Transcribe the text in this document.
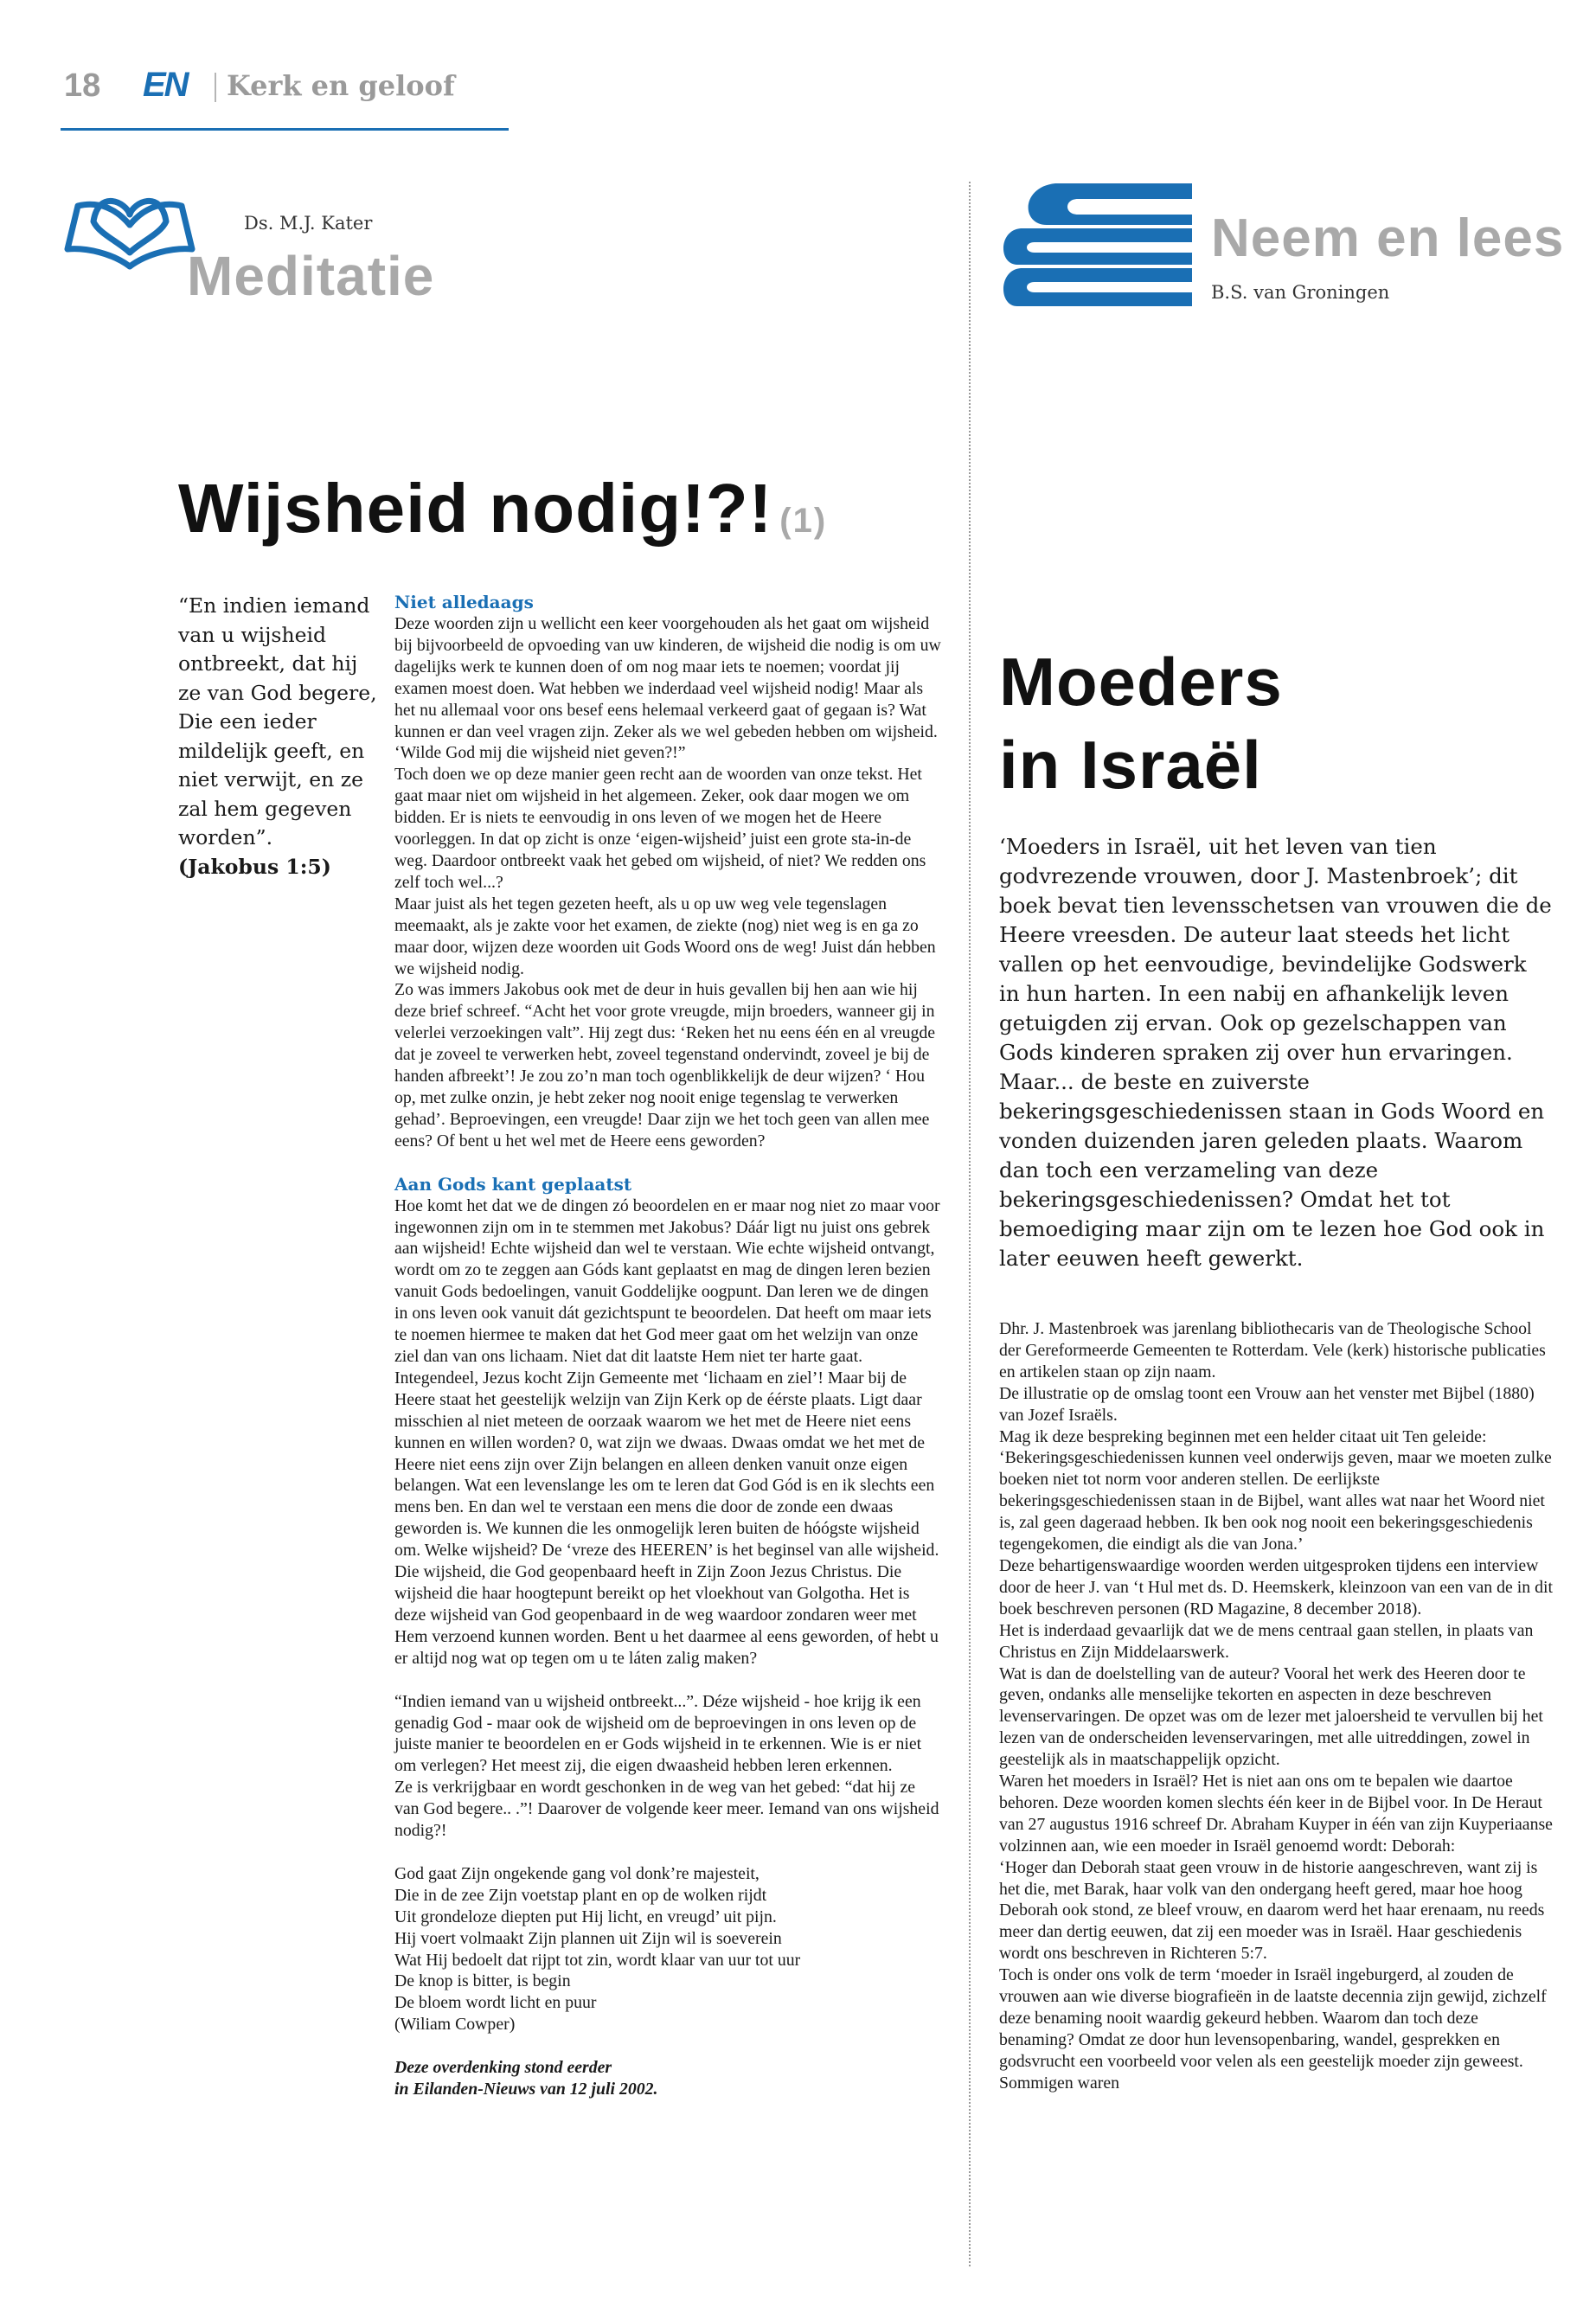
18 EN Kerk en geloof
Ds. M.J. Kater
Meditatie
Wijsheid nodig!?! (1)
“En indien iemand van u wijsheid ontbreekt, dat hij ze van God begere, Die een ieder mildelijk geeft, en niet verwijt, en ze zal hem gegeven worden”.
(Jakobus 1:5)

Niet alledaags

Deze woorden zijn u wellicht een keer voorgehouden als het gaat om wijsheid bij bijvoorbeeld de opvoeding van uw kinderen, de wijsheid die nodig is om uw dagelijks werk te kunnen doen of om nog maar iets te noemen; voordat jij examen moest doen. Wat hebben we inderdaad veel wijsheid nodig! Maar als het nu allemaal voor ons besef eens helemaal verkeerd gaat of gegaan is? Wat kunnen er dan veel vragen zijn. Zeker als we wel gebeden hebben om wijsheid. ‘Wilde God mij die wijsheid niet geven?!”

Toch doen we op deze manier geen recht aan de woorden van onze tekst. Het gaat maar niet om wijsheid in het algemeen. Zeker, ook daar mogen we om bidden. Er is niets te eenvoudig in ons leven of we mogen het de Heere voorleggen. In dat op zicht is onze ‘eigen-wijsheid’ juist een grote sta-in-de weg. Daardoor ontbreekt vaak het gebed om wijsheid, of niet? We redden ons zelf toch wel...?

Maar juist als het tegen gezeten heeft, als u op uw weg vele tegenslagen meemaakt, als je zakte voor het examen, de ziekte (nog) niet weg is en ga zo maar door, wijzen deze woorden uit Gods Woord ons de weg! Juist dán hebben we wijsheid nodig.

Zo was immers Jakobus ook met de deur in huis gevallen bij hen aan wie hij deze brief schreef. “Acht het voor grote vreugde, mijn broeders, wanneer gij in velerlei verzoekingen valt”. Hij zegt dus: ‘Reken het nu eens één en al vreugde dat je zoveel te verwerken hebt, zoveel tegenstand ondervindt, zoveel je bij de handen afbreekt’! Je zou zo’n man toch ogenblikkelijk de deur wijzen? ‘ Hou op, met zulke onzin, je hebt zeker nog nooit enige tegenslag te verwerken gehad’. Beproevingen, een vreugde! Daar zijn we het toch geen van allen mee eens? Of bent u het wel met de Heere eens geworden?

Aan Gods kant geplaatst

Hoe komt het dat we de dingen zó beoordelen en er maar nog niet zo maar voor ingewonnen zijn om in te stemmen met Jakobus? Dáár ligt nu juist ons gebrek aan wijsheid! Echte wijsheid dan wel te verstaan. Wie echte wijsheid ontvangt, wordt om zo te zeggen aan Góds kant geplaatst en mag de dingen leren bezien vanuit Gods bedoelingen, vanuit Goddelijke oogpunt. Dan leren we de dingen in ons leven ook vanuit dát gezichtspunt te beoordelen. Dat heeft om maar iets te noemen hiermee te maken dat het God meer gaat om het welzijn van onze ziel dan van ons lichaam. Niet dat dit laatste Hem niet ter harte gaat. Integendeel, Jezus kocht Zijn Gemeente met ‘lichaam en ziel’! Maar bij de Heere staat het geestelijk welzijn van Zijn Kerk op de éérste plaats. Ligt daar misschien al niet meteen de oorzaak waarom we het met de Heere niet eens kunnen en willen worden? 0, wat zijn we dwaas. Dwaas omdat we het met de Heere niet eens zijn over Zijn belangen en alleen denken vanuit onze eigen belangen. Wat een levenslange les om te leren dat God Gód is en ik slechts een mens ben. En dan wel te verstaan een mens die door de zonde een dwaas geworden is. We kunnen die les onmogelijk leren buiten de hóógste wijsheid om. Welke wijsheid? De ‘vreze des HEEREN’ is het beginsel van alle wijsheid. Die wijsheid, die God geopenbaard heeft in Zijn Zoon Jezus Christus. Die wijsheid die haar hoogtepunt bereikt op het vloekhout van Golgotha. Het is deze wijsheid van God geopenbaard in de weg waardoor zondaren weer met Hem verzoend kunnen worden. Bent u het daarmee al eens geworden, of hebt u er altijd nog wat op tegen om u te láten zalig maken?

“Indien iemand van u wijsheid ontbreekt...”. Déze wijsheid - hoe krijg ik een genadig God - maar ook de wijsheid om de beproevingen in ons leven op de juiste manier te beoordelen en er Gods wijsheid in te erkennen. Wie is er niet om verlegen? Het meest zij, die eigen dwaasheid hebben leren erkennen.

Ze is verkrijgbaar en wordt geschonken in de weg van het gebed: “dat hij ze van God begere.. .”! Daarover de volgende keer meer. Iemand van ons wijsheid nodig?!

God gaat Zijn ongekende gang vol donk’re majesteit,
Die in de zee Zijn voetstap plant en op de wolken rijdt
Uit grondeloze diepten put Hij licht, en vreugd’ uit pijn.
Hij voert volmaakt Zijn plannen uit Zijn wil is soeverein
Wat Hij bedoelt dat rijpt tot zin, wordt klaar van uur tot uur
De knop is bitter, is begin
De bloem wordt licht en puur
(Wiliam Cowper)

Deze overdenking stond eerder
in Eilanden-Nieuws van 12 juli 2002.

Neem en lees
B.S. van Groningen
Moeders
in Israël
‘Moeders in Israël, uit het leven van tien godvrezende vrouwen, door J. Mastenbroek’; dit boek bevat tien levensschetsen van vrouwen die de Heere vreesden. De auteur laat steeds het licht vallen op het eenvoudige, bevindelijke Godswerk in hun harten. In een nabij en afhankelijk leven getuigden zij ervan. Ook op gezelschappen van Gods kinderen spraken zij over hun ervaringen. Maar... de beste en zuiverste bekeringsgeschiedenissen staan in Gods Woord en vonden duizenden jaren geleden plaats. Waarom dan toch een verzameling van deze bekeringsgeschiedenissen? Omdat het tot bemoediging maar zijn om te lezen hoe God ook in later eeuwen heeft gewerkt.

Dhr. J. Mastenbroek was jarenlang bibliothecaris van de Theologische School der Gereformeerde Gemeenten te Rotterdam. Vele (kerk) historische publicaties en artikelen staan op zijn naam.

De illustratie op de omslag toont een Vrouw aan het venster met Bijbel (1880) van Jozef Israëls.

Mag ik deze bespreking beginnen met een helder citaat uit Ten geleide:

‘Bekeringsgeschiedenissen kunnen veel onderwijs geven, maar we moeten zulke boeken niet tot norm voor anderen stellen. De eerlijkste bekeringsgeschiedenissen staan in de Bijbel, want alles wat naar het Woord niet is, zal geen dageraad hebben. Ik ben ook nog nooit een bekeringsgeschiedenis tegengekomen, die eindigt als die van Jona.’

Deze behartigenswaardige woorden werden uitgesproken tijdens een interview door de heer J. van ‘t Hul met ds. D. Heemskerk, kleinzoon van een van de in dit boek beschreven personen (RD Magazine, 8 december 2018).

Het is inderdaad gevaarlijk dat we de mens centraal gaan stellen, in plaats van Christus en Zijn Middelaarswerk.

Wat is dan de doelstelling van de auteur? Vooral het werk des Heeren door te geven, ondanks alle menselijke tekorten en aspecten in deze beschreven levenservaringen. De opzet was om de lezer met jaloersheid te vervullen bij het lezen van de onderscheiden levenservaringen, met alle uitreddingen, zowel in geestelijk als in maatschappelijk opzicht.

Waren het moeders in Israël? Het is niet aan ons om te bepalen wie daartoe behoren. Deze woorden komen slechts één keer in de Bijbel voor. In De Heraut van 27 augustus 1916 schreef Dr. Abraham Kuyper in één van zijn Kuyperiaanse volzinnen aan, wie een moeder in Israël genoemd wordt: Deborah:

‘Hoger dan Deborah staat geen vrouw in de historie aangeschreven, want zij is het die, met Barak, haar volk van den ondergang heeft gered, maar hoe hoog Deborah ook stond, ze bleef vrouw, en daarom werd het haar erenaam, nu reeds meer dan dertig eeuwen, dat zij een moeder was in Israël. Haar geschiedenis wordt ons beschreven in Richteren 5:7.

Toch is onder ons volk de term ‘moeder in Israël ingeburgerd, al zouden de vrouwen aan wie diverse biografieën in de laatste decennia zijn gewijd, zichzelf deze benaming nooit waardig gekeurd hebben. Waarom dan toch deze benaming? Omdat ze door hun levensopenbaring, wandel, gesprekken en godsvrucht een voorbeeld voor velen als een geestelijk moeder zijn geweest. Sommigen waren
